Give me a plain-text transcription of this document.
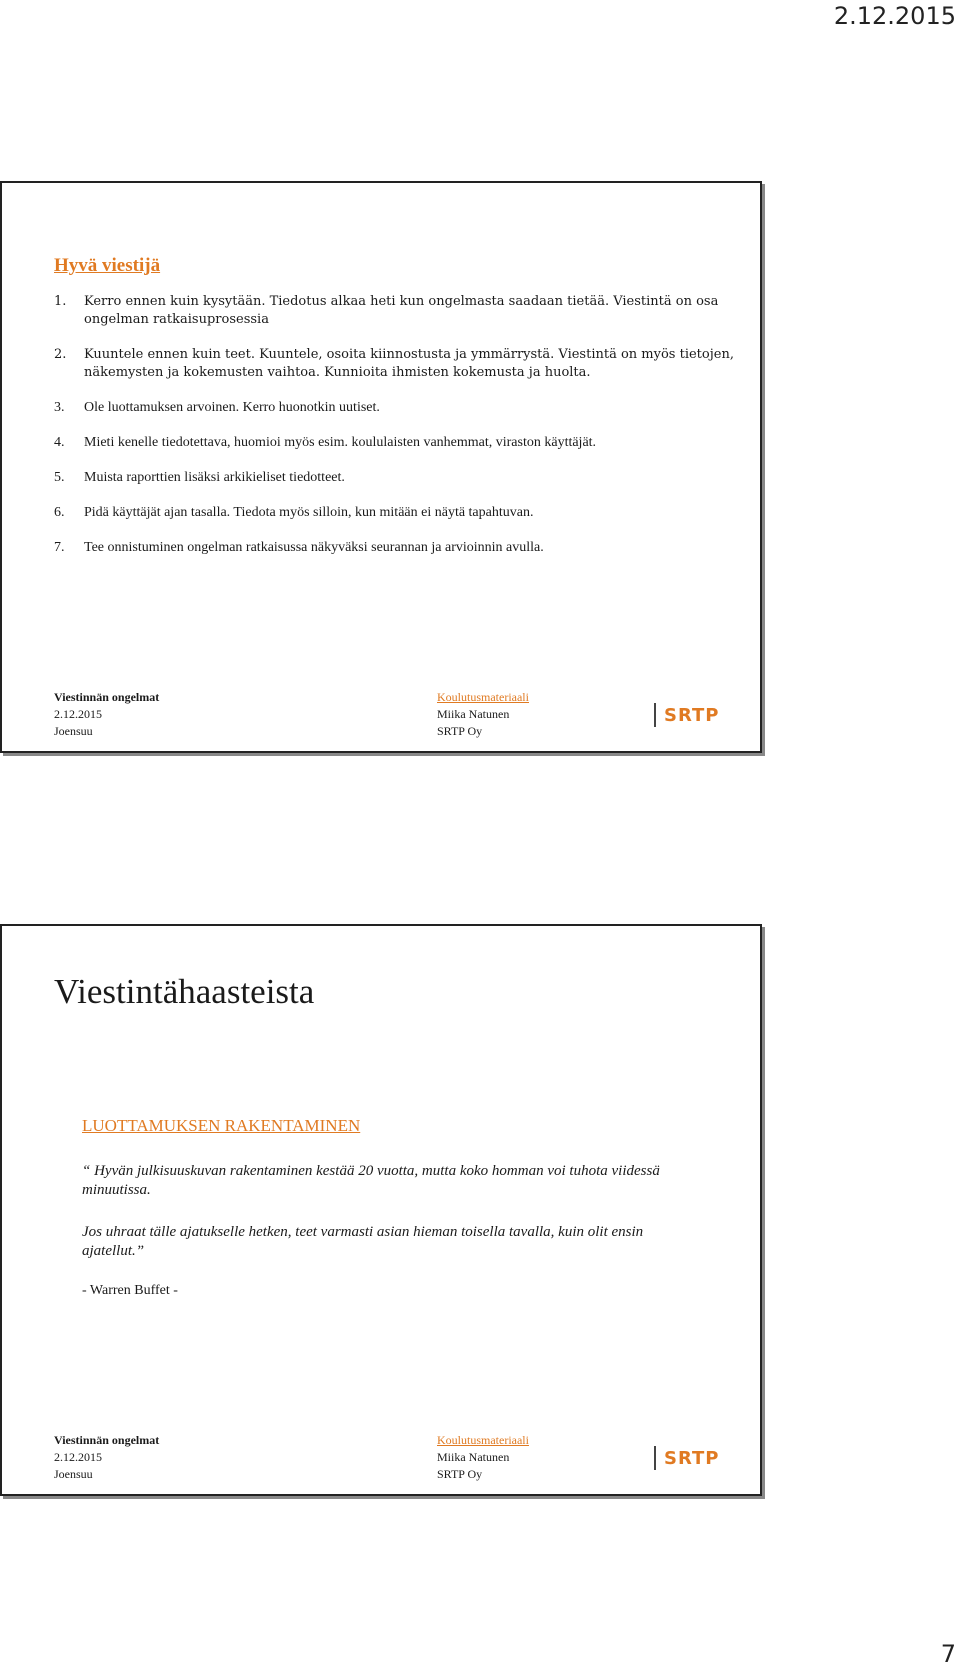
2.12.2015
Hyvä viestijä
1. Kerro ennen kuin kysytään. Tiedotus alkaa heti kun ongelmasta saadaan tietää. Viestintä on osa ongelman ratkaisuprosessia
2. Kuuntele ennen kuin teet. Kuuntele, osoita kiinnostusta ja ymmärrystä. Viestintä on myös tietojen, näkemysten ja kokemusten vaihtoa. Kunnioita ihmisten kokemusta ja huolta.
3. Ole luottamuksen arvoinen. Kerro huonotkin uutiset.
4. Mieti kenelle tiedotettava, huomioi myös esim. koululaisten vanhemmat, viraston käyttäjät.
5. Muista raporttien lisäksi arkikieliset tiedotteet.
6. Pidä käyttäjät ajan tasalla. Tiedota myös silloin, kun mitään ei näytä tapahtuvan.
7. Tee onnistuminen ongelman ratkaisussa näkyväksi seurannan ja arvioinnin avulla.
Viestinnän ongelmat
2.12.2015
Joensuu
Koulutusmateriaali
Miika Natunen
SRTP Oy
SRTP
Viestintähaasteista
LUOTTAMUKSEN RAKENTAMINEN
“ Hyvän julkisuuskuvan rakentaminen kestää 20 vuotta, mutta koko homman voi tuhota viidessä minuutissa.
Jos uhraat tälle ajatukselle hetken, teet varmasti asian hieman toisella tavalla, kuin olit ensin ajatellut.”
- Warren Buffet -
Viestinnän ongelmat
2.12.2015
Joensuu
Koulutusmateriaali
Miika Natunen
SRTP Oy
SRTP
7
